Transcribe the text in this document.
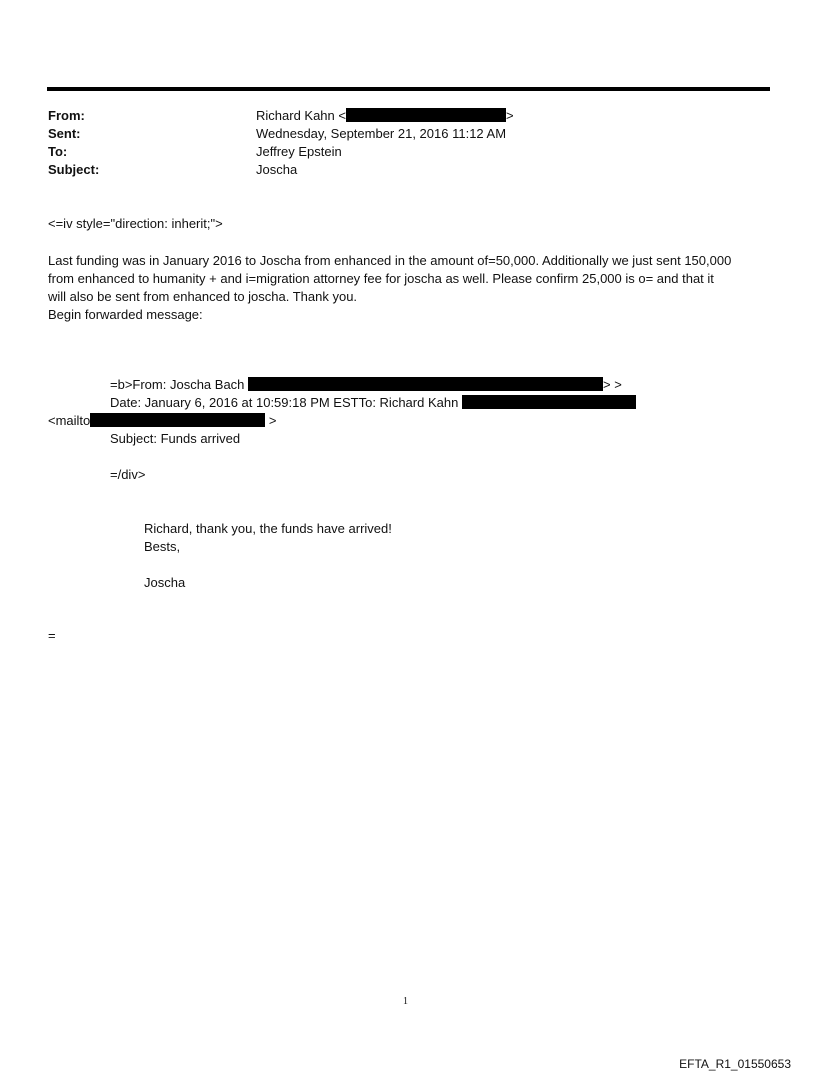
From:	Richard Kahn <	>
Sent:	Wednesday, September 21, 2016 11:12 AM
To:	Jeffrey Epstein
Subject:	Joscha
<=iv style="direction: inherit;">
Last funding was in January 2016 to Joscha from enhanced in the amount of=50,000. Additionally we just sent 150,000
from enhanced to humanity + and i=migration attorney fee for joscha as well. Please confirm 25,000 is o= and that it
will also be sent from enhanced to joscha. Thank you.
Begin forwarded message:
=b>From: Joscha Bach	> >
Date: January 6, 2016 at 10:59:18 PM ESTTo: Richard Kahn
<mailto	>
Subject: Funds arrived
=/div>
Richard, thank you, the funds have arrived!
Bests,
Joscha
=
1
EFTA_R1_01550653
